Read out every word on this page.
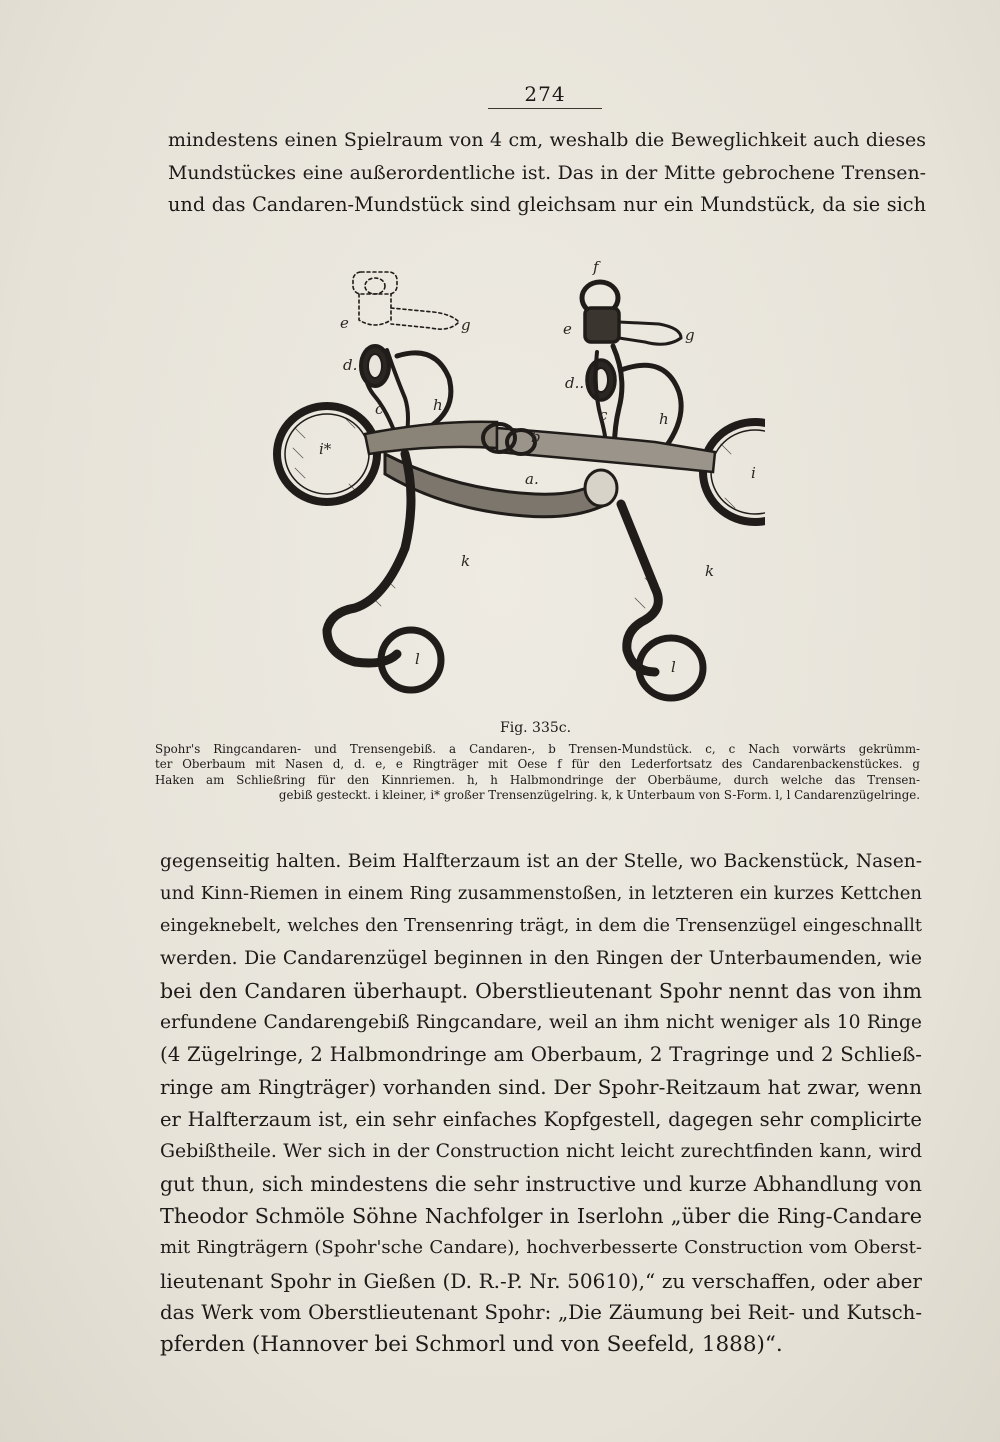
274
mindestens einen Spielraum von 4 cm, weshalb die Beweglichkeit auch dieses
Mundstückes eine außerordentliche ist. Das in der Mitte gebrochene Trensen-
und das Candaren-Mundstück sind gleichsam nur ein Mundstück, da sie sich
f
e	e
g
g
d.
d..
c	c
h
h
i*
i
a.
b
k
k
l	l
Fig. 335c.
Spohr's Ringcandaren- und Trensengebiß. a Candaren-, b Trensen-Mundstück. c, c Nach vorwärts gekrümm-
ter Oberbaum mit Nasen d, d. e, e Ringträger mit Oese f für den Lederfortsatz des Candarenbackenstückes. g
Haken am Schließring für den Kinnriemen. h, h Halbmondringe der Oberbäume, durch welche das Trensen-
gebiß gesteckt. i kleiner, i* großer Trensenzügelring. k, k Unterbaum von S-Form. l, l Candarenzügelringe.
gegenseitig halten. Beim Halfterzaum ist an der Stelle, wo Backenstück, Nasen-
und Kinn-Riemen in einem Ring zusammenstoßen, in letzteren ein kurzes Kettchen
eingeknebelt, welches den Trensenring trägt, in dem die Trensenzügel eingeschnallt
werden. Die Candarenzügel beginnen in den Ringen der Unterbaumenden, wie
bei den Candaren überhaupt. Oberstlieutenant Spohr nennt das von ihm
erfundene Candarengebiß Ringcandare, weil an ihm nicht weniger als 10 Ringe
(4 Zügelringe, 2 Halbmondringe am Oberbaum, 2 Tragringe und 2 Schließ-
ringe am Ringträger) vorhanden sind. Der Spohr-Reitzaum hat zwar, wenn
er Halfterzaum ist, ein sehr einfaches Kopfgestell, dagegen sehr complicirte
Gebißtheile. Wer sich in der Construction nicht leicht zurechtfinden kann, wird
gut thun, sich mindestens die sehr instructive und kurze Abhandlung von
Theodor Schmöle Söhne Nachfolger in Iserlohn „über die Ring-Candare
mit Ringträgern (Spohr'sche Candare), hochverbesserte Construction vom Oberst-
lieutenant Spohr in Gießen (D. R.-P. Nr. 50610),“ zu verschaffen, oder aber
das Werk vom Oberstlieutenant Spohr: „Die Zäumung bei Reit- und Kutsch-
pferden (Hannover bei Schmorl und von Seefeld, 1888)“.
